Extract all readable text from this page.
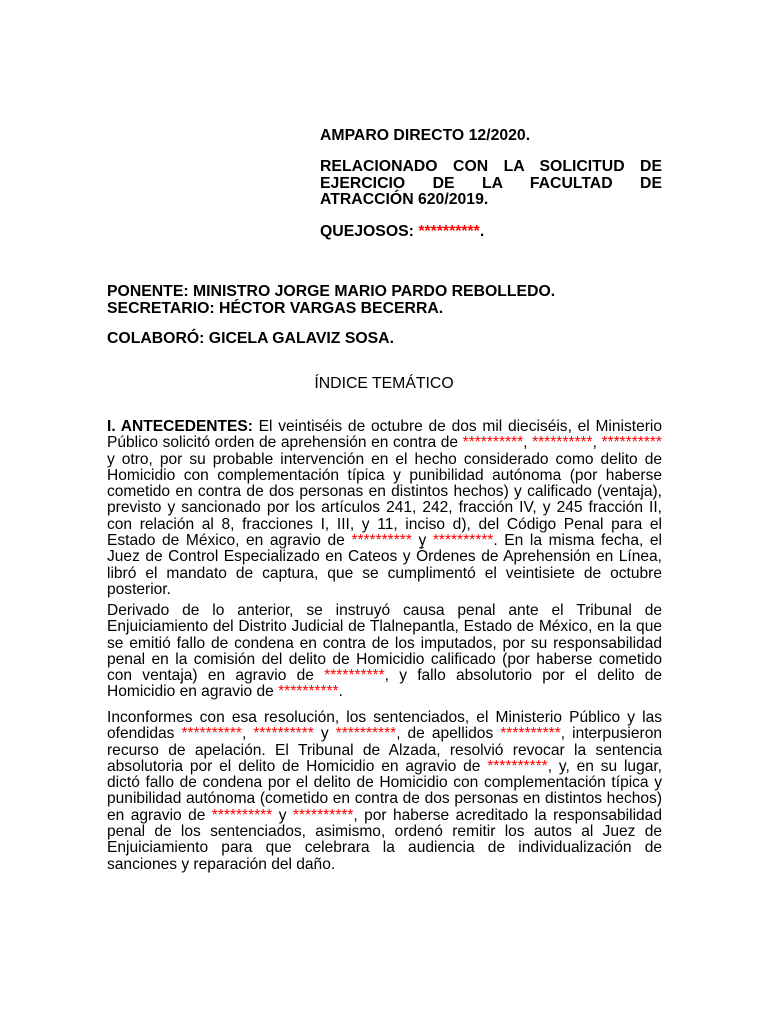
AMPARO DIRECTO 12/2020.

RELACIONADO CON LA SOLICITUD DE EJERCICIO DE LA FACULTAD DE ATRACCIÓN 620/2019.

QUEJOSOS: **********.

PONENTE: MINISTRO JORGE MARIO PARDO REBOLLEDO.

SECRETARIO: HÉCTOR VARGAS BECERRA.

COLABORÓ: GICELA GALAVIZ SOSA.

ÍNDICE TEMÁTICO

I. ANTECEDENTES: El veintiséis de octubre de dos mil dieciséis, el Ministerio Público solicitó orden de aprehensión en contra de **********, **********, ********** y otro, por su probable intervención en el hecho considerado como delito de Homicidio con complementación típica y punibilidad autónoma (por haberse cometido en contra de dos personas en distintos hechos) y calificado (ventaja), previsto y sancionado por los artículos 241, 242, fracción IV, y 245 fracción II, con relación al 8, fracciones I, III, y 11, inciso d), del Código Penal para el Estado de México, en agravio de ********** y **********. En la misma fecha, el Juez de Control Especializado en Cateos y Órdenes de Aprehensión en Línea, libró el mandato de captura, que se cumplimentó el veintisiete de octubre posterior.

Derivado de lo anterior, se instruyó causa penal ante el Tribunal de Enjuiciamiento del Distrito Judicial de Tlalnepantla, Estado de México, en la que se emitió fallo de condena en contra de los imputados, por su responsabilidad penal en la comisión del delito de Homicidio calificado (por haberse cometido con ventaja) en agravio de **********, y fallo absolutorio por el delito de Homicidio en agravio de **********.

Inconformes con esa resolución, los sentenciados, el Ministerio Público y las ofendidas **********, ********** y **********, de apellidos **********, interpusieron recurso de apelación. El Tribunal de Alzada, resolvió revocar la sentencia absolutoria por el delito de Homicidio en agravio de **********, y, en su lugar, dictó fallo de condena por el delito de Homicidio con complementación típica y punibilidad autónoma (cometido en contra de dos personas en distintos hechos) en agravio de ********** y **********, por haberse acreditado la responsabilidad penal de los sentenciados, asimismo, ordenó remitir los autos al Juez de Enjuiciamiento para que celebrara la audiencia de individualización de sanciones y reparación del daño.
